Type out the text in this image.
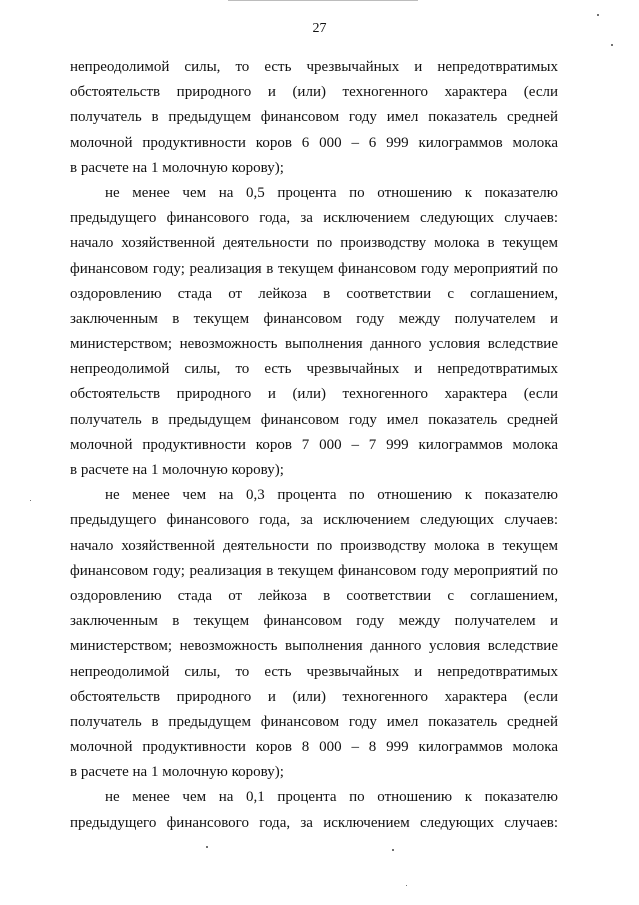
27
непреодолимой силы, то есть чрезвычайных и непредотвратимых
обстоятельств природного и (или) техногенного характера (если
получатель в предыдущем финансовом году имел показатель средней
молочной продуктивности коров 6 000 – 6 999 килограммов молока
в расчете на 1 молочную корову);
не менее чем на 0,5 процента по отношению к показателю
предыдущего финансового года, за исключением следующих случаев:
начало хозяйственной деятельности по производству молока в текущем
финансовом году; реализация в текущем финансовом году мероприятий по
оздоровлению стада от лейкоза в соответствии с соглашением,
заключенным в текущем финансовом году между получателем и
министерством; невозможность выполнения данного условия вследствие
непреодолимой силы, то есть чрезвычайных и непредотвратимых
обстоятельств природного и (или) техногенного характера (если
получатель в предыдущем финансовом году имел показатель средней
молочной продуктивности коров 7 000 – 7 999 килограммов молока
в расчете на 1 молочную корову);
не менее чем на 0,3 процента по отношению к показателю
предыдущего финансового года, за исключением следующих случаев:
начало хозяйственной деятельности по производству молока в текущем
финансовом году; реализация в текущем финансовом году мероприятий по
оздоровлению стада от лейкоза в соответствии с соглашением,
заключенным в текущем финансовом году между получателем и
министерством; невозможность выполнения данного условия вследствие
непреодолимой силы, то есть чрезвычайных и непредотвратимых
обстоятельств природного и (или) техногенного характера (если
получатель в предыдущем финансовом году имел показатель средней
молочной продуктивности коров 8 000 – 8 999 килограммов молока
в расчете на 1 молочную корову);
не менее чем на 0,1 процента по отношению к показателю
предыдущего финансового года, за исключением следующих случаев:
